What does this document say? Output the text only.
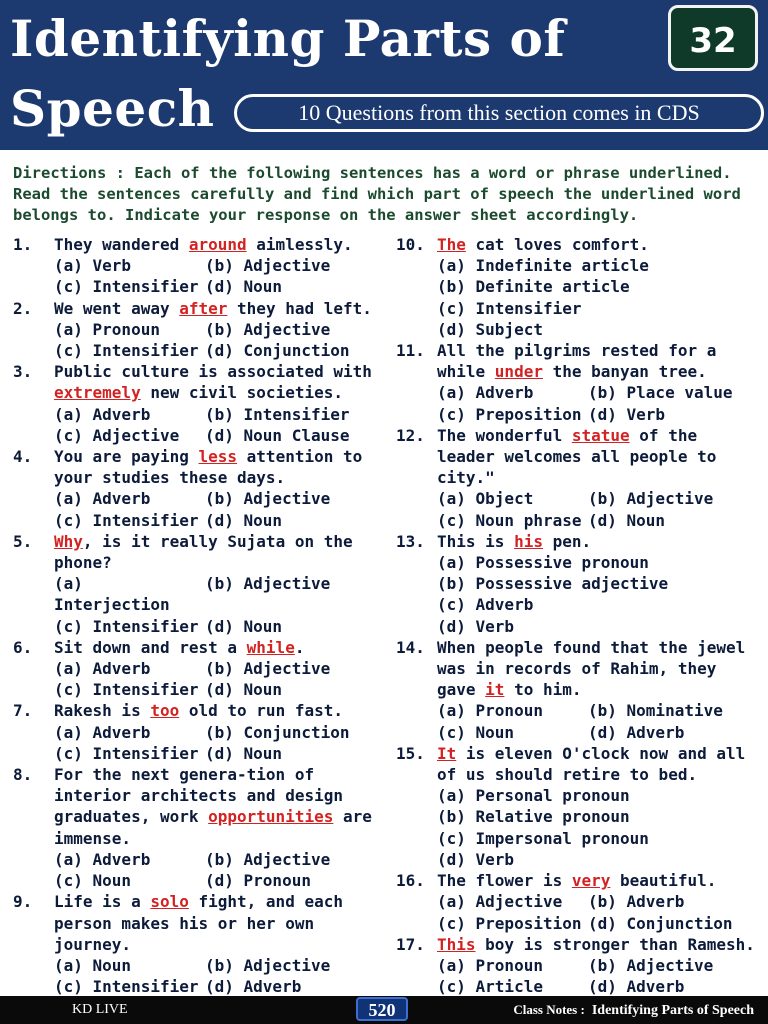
Identifying Parts of
Speech
32
10 Questions from this section comes in CDS
Directions : Each of the following sentences has a word or phrase underlined. Read the sentences carefully and find which part of speech the underlined word belongs to. Indicate your response on the answer sheet accordingly.
1. They wandered around aimlessly.
(a) Verb	(b) Adjective
(c) Intensifier (d) Noun
2. We went away after they had left.
(a) Pronoun	(b) Adjective
(c) Intensifier (d) Conjunction
3. Public culture is associated with extremely new civil societies.
(a) Adverb	(b) Intensifier
(c) Adjective	(d) Noun Clause
4. You are paying less attention to your studies these days.
(a) Adverb	(b) Adjective
(c) Intensifier (d) Noun
5. Why, is it really Sujata on the phone?
(a) Interjection
(b) Adjective
(c) Intensifier (d) Noun
6. Sit down and rest a while.
(a) Adverb	(b) Adjective
(c) Intensifier (d) Noun
7. Rakesh is too old to run fast.
(a) Adverb	(b) Conjunction
(c) Intensifier (d) Noun
8. For the next genera-tion of interior architects and design graduates, work opportunities are immense.
(a) Adverb	(b) Adjective
(c) Noun	(d) Pronoun
9. Life is a solo fight, and each person makes his or her own journey.
(a) Noun	(b) Adjective
(c) Intensifier (d) Adverb
10. The cat loves comfort.
(a) Indefinite article
(b) Definite article
(c) Intensifier
(d) Subject
11. All the pilgrims rested for a while under the banyan tree.
(a) Adverb	(b) Place value
(c) Preposition (d) Verb
12. The wonderful statue of the leader welcomes all people to city."
(a) Object	(b) Adjective
(c) Noun phrase (d) Noun
13. This is his pen.
(a) Possessive pronoun
(b) Possessive adjective
(c) Adverb
(d) Verb
14. When people found that the jewel was in records of Rahim, they gave it to him.
(a) Pronoun	(b) Nominative
(c) Noun	(d) Adverb
15. It is eleven O'clock now and all of us should retire to bed.
(a) Personal pronoun
(b) Relative pronoun
(c) Impersonal pronoun
(d) Verb
16. The flower is very beautiful.
(a) Adjective	(b) Adverb
(c) Preposition (d) Conjunction
17. This boy is stronger than Ramesh.
(a) Pronoun	(b) Adjective
(c) Article	(d) Adverb
KD LIVE	520	Class Notes : Identifying Parts of Speech
